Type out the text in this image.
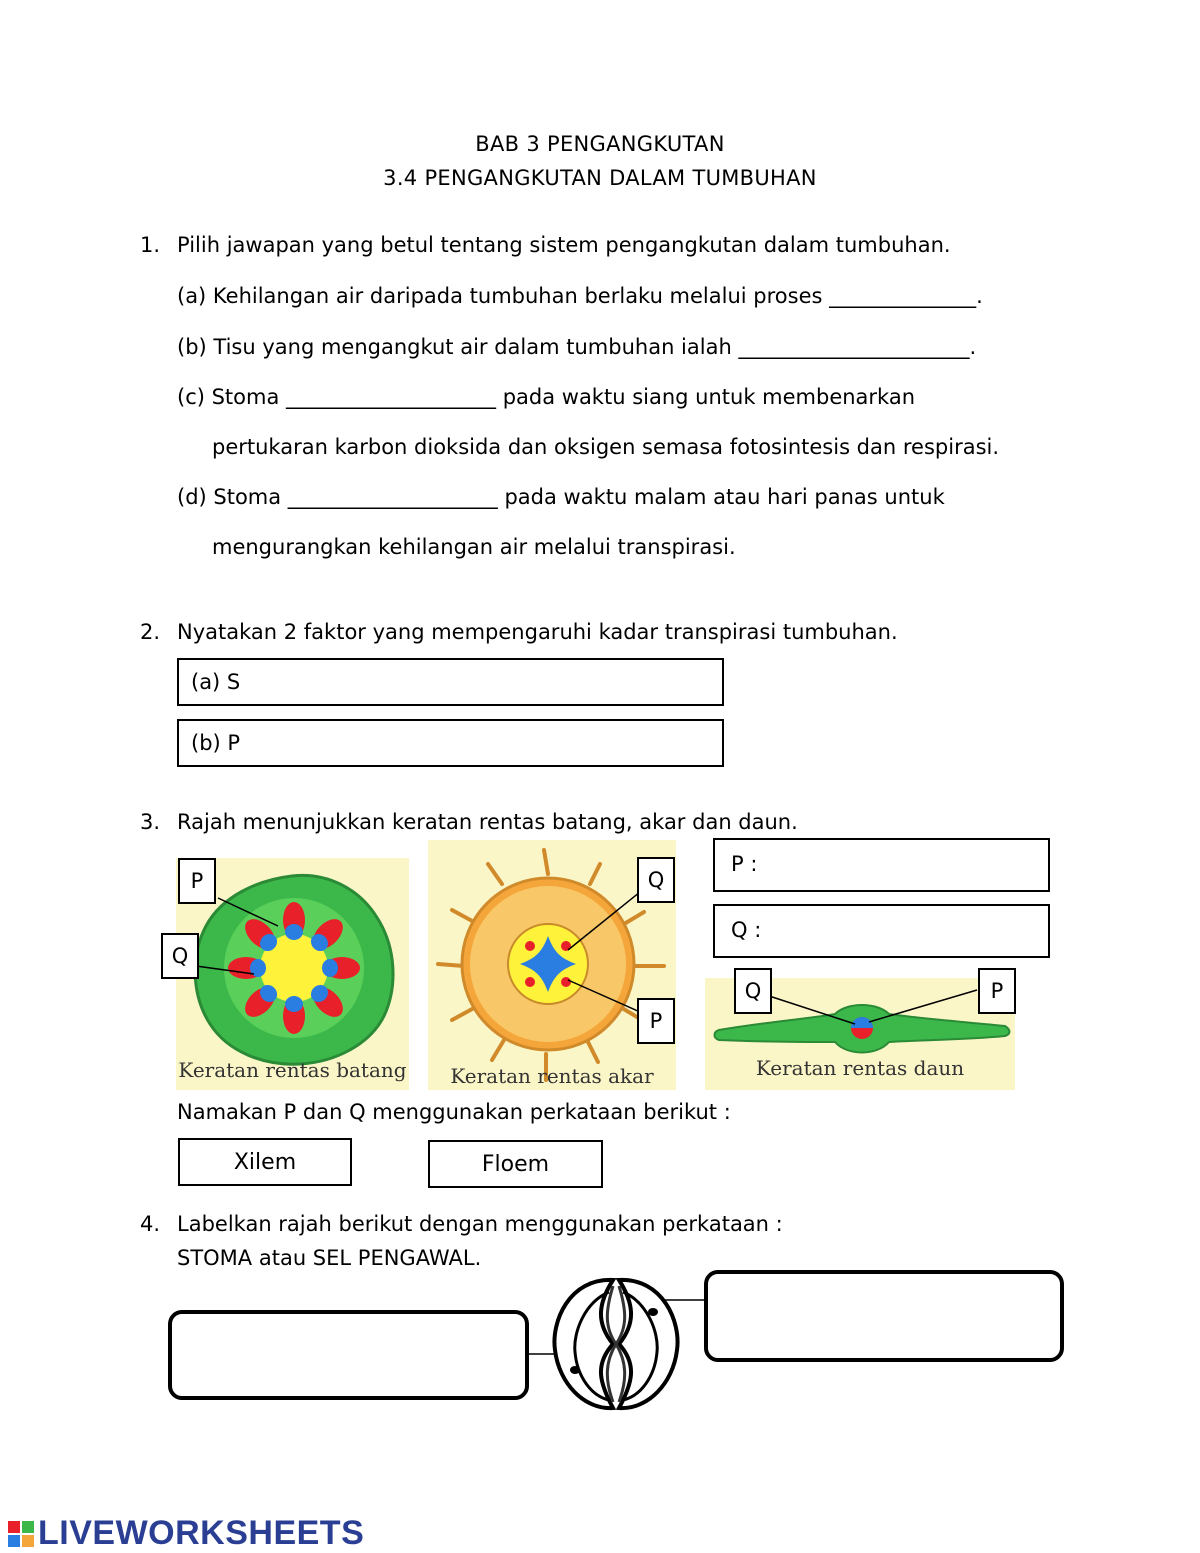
BAB 3 PENGANGKUTAN
3.4 PENGANGKUTAN DALAM TUMBUHAN
1. Pilih jawapan yang betul tentang sistem pengangkutan dalam tumbuhan.
(a) Kehilangan air daripada tumbuhan berlaku melalui proses ______________.
(b) Tisu yang mengangkut air dalam tumbuhan ialah ______________________.
(c) Stoma ____________________ pada waktu siang untuk membenarkan
pertukaran karbon dioksida dan oksigen semasa fotosintesis dan respirasi.
(d) Stoma ____________________ pada waktu malam atau hari panas untuk
mengurangkan kehilangan air melalui transpirasi.
2. Nyatakan 2 faktor yang mempengaruhi kadar transpirasi tumbuhan.
(a) S
(b) P
3. Rajah menunjukkan keratan rentas batang, akar dan daun.
Keratan rentas batang
P
Q
Keratan rentas akar
Q
P
Keratan rentas daun
Q	P
P :
Q :
Namakan P dan Q menggunakan perkataan berikut :
Xilem	Floem
4. Labelkan rajah berikut dengan menggunakan perkataan :
STOMA atau SEL PENGAWAL.
LIVEWORKSHEETS
